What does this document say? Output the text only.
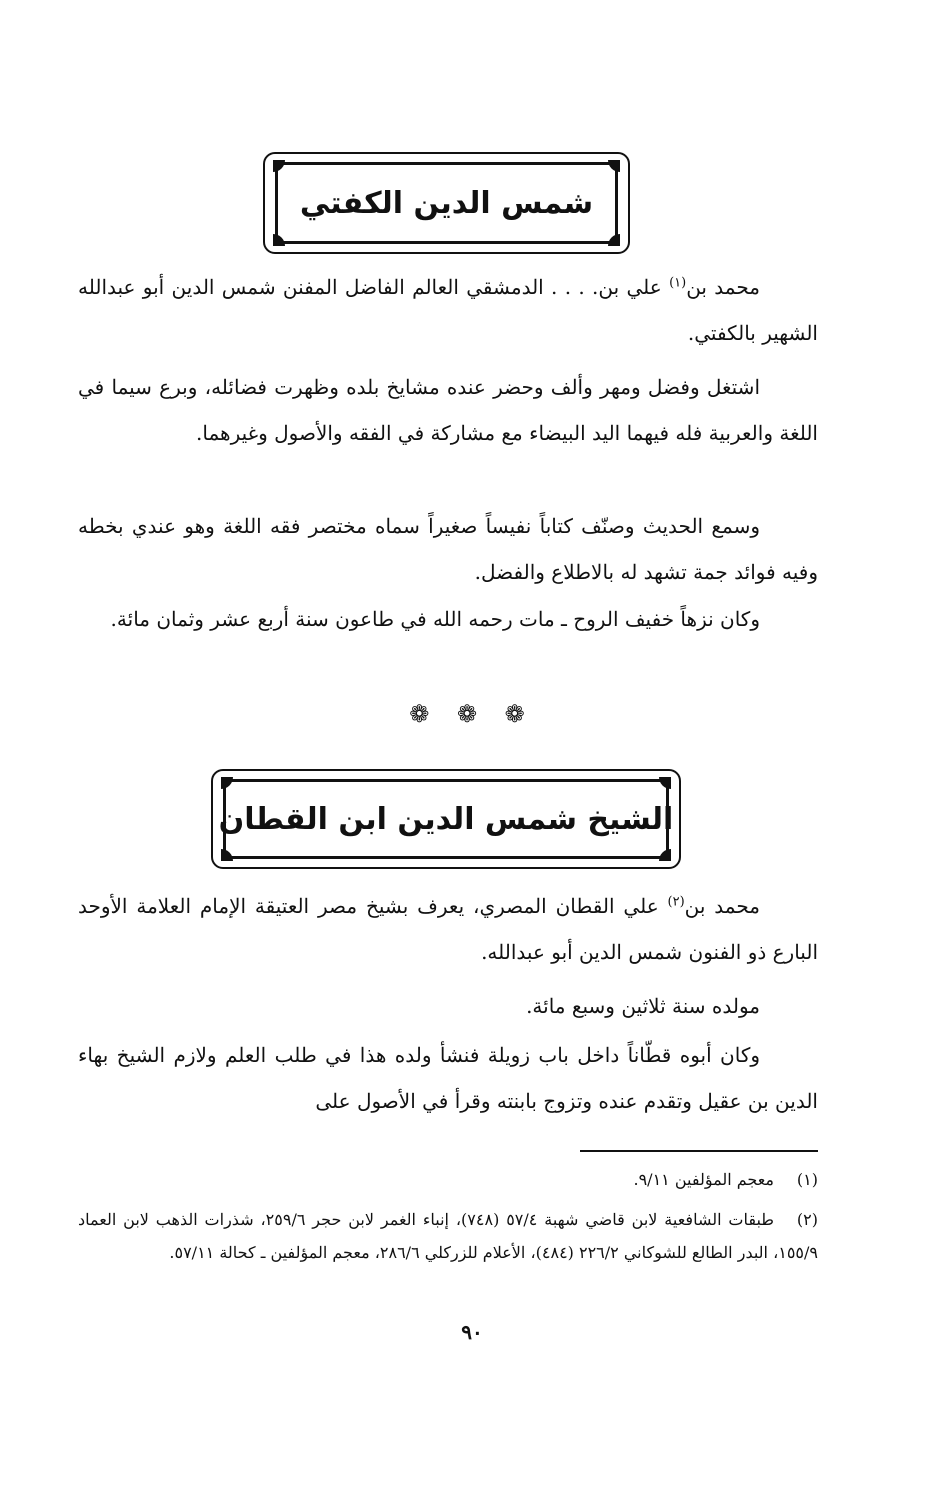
شمس الدين الكفتي
محمد بن$^{(١)}$ علي بن. . . . الدمشقي العالم الفاضل المفنن شمس الدين أبو عبدالله الشهير بالكفتي.
اشتغل وفضل ومهر وألف وحضر عنده مشايخ بلده وظهرت فضائله، وبرع سيما في اللغة والعربية فله فيهما اليد البيضاء مع مشاركة في الفقه والأصول وغيرهما.
وسمع الحديث وصنّف كتاباً نفيساً صغيراً سماه مختصر فقه اللغة وهو عندي بخطه وفيه فوائد جمة تشهد له بالاطلاع والفضل.
وكان نزهاً خفيف الروح ـ مات رحمه الله في طاعون سنة أربع عشر وثمان مائة.
❁ ❁ ❁
الشيخ شمس الدين ابن القطان
محمد بن$^{(٢)}$ علي القطان المصري، يعرف بشيخ مصر العتيقة الإمام العلامة الأوحد البارع ذو الفنون شمس الدين أبو عبدالله.
مولده سنة ثلاثين وسبع مائة.
وكان أبوه قطّاناً داخل باب زويلة فنشأ ولده هذا في طلب العلم ولازم الشيخ بهاء الدين بن عقيل وتقدم عنده وتزوج بابنته وقرأ في الأصول على
(١)معجم المؤلفين ٩/١١.
(٢)طبقات الشافعية لابن قاضي شهبة ٥٧/٤ (٧٤٨)، إنباء الغمر لابن حجر ٢٥٩/٦، شذرات الذهب لابن العماد ١٥٥/٩، البدر الطالع للشوكاني ٢٢٦/٢ (٤٨٤)، الأعلام للزركلي ٢٨٦/٦، معجم المؤلفين ـ كحالة ٥٧/١١.
٩٠
